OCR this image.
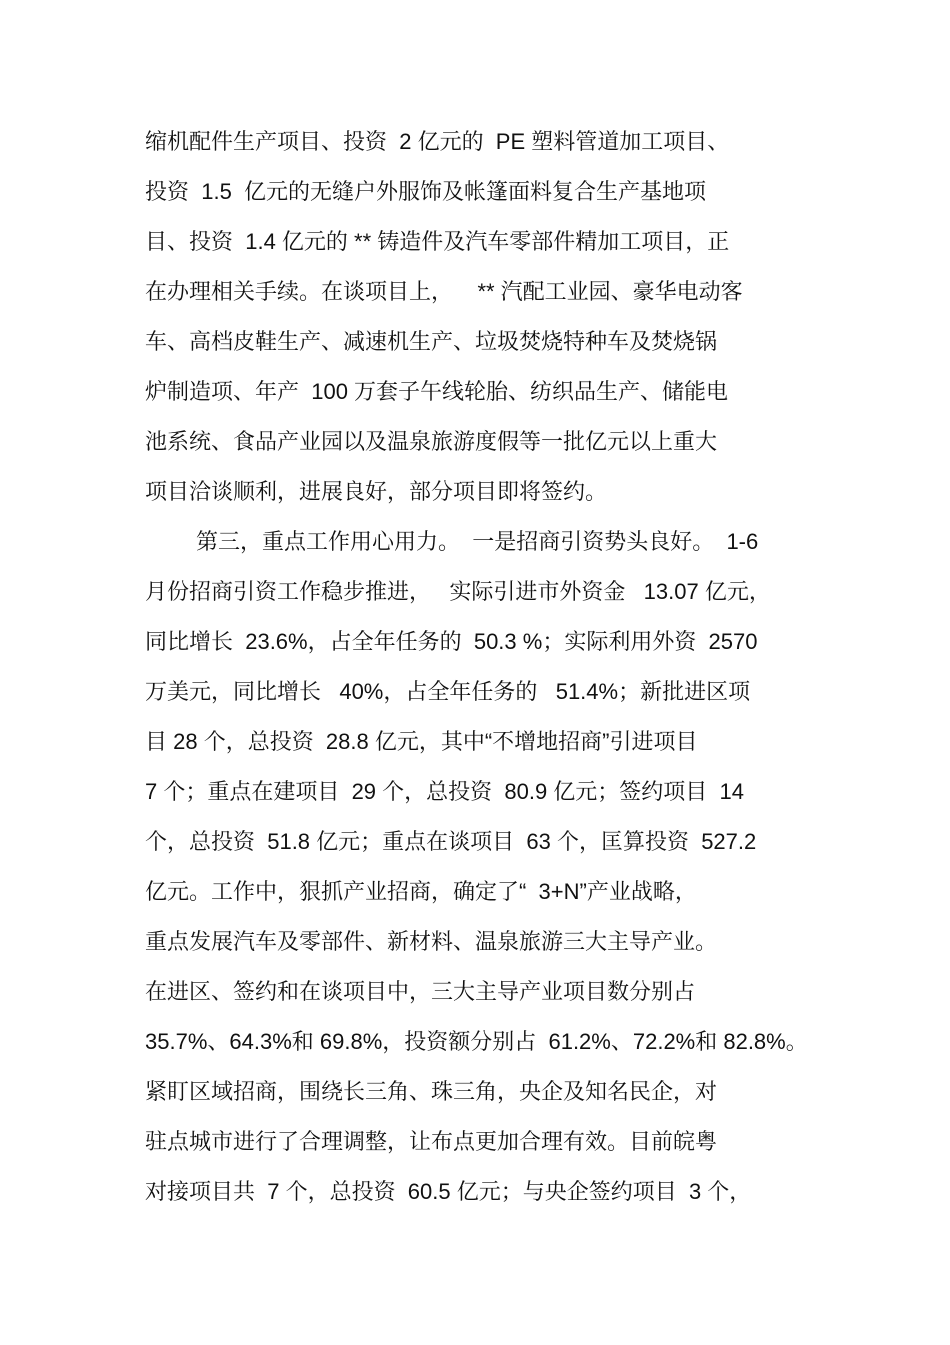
缩机配件生产项目、投资  2 亿元的  PE 塑料管道加工项目、
投资  1.5  亿元的无缝户外服饰及帐篷面料复合生产基地项
目、投资  1.4 亿元的 ** 铸造件及汽车零部件精加工项目，正
在办理相关手续。在谈项目上，    ** 汽配工业园、豪华电动客
车、高档皮鞋生产、减速机生产、垃圾焚烧特种车及焚烧锅
炉制造项、年产  100 万套子午线轮胎、纺织品生产、储能电
池系统、食品产业园以及温泉旅游度假等一批亿元以上重大
项目洽谈顺利，进展良好，部分项目即将签约。
第三，重点工作用心用力。  一是招商引资势头良好。  1-6
月份招商引资工作稳步推进，   实际引进市外资金   13.07 亿元，
同比增长  23.6%，占全年任务的  50.3 %；实际利用外资  2570
万美元，同比增长   40%，占全年任务的   51.4%；新批进区项
目 28 个，总投资  28.8 亿元，其中“不增地招商”引进项目
7 个；重点在建项目  29 个，总投资  80.9 亿元；签约项目  14
个，总投资  51.8 亿元；重点在谈项目  63 个，匡算投资  527.2
亿元。工作中，狠抓产业招商，确定了“  3+N”产业战略，
重点发展汽车及零部件、新材料、温泉旅游三大主导产业。
在进区、签约和在谈项目中，三大主导产业项目数分别占
35.7%、64.3%和 69.8%，投资额分别占  61.2%、72.2%和 82.8%。
紧盯区域招商，围绕长三角、珠三角，央企及知名民企，对
驻点城市进行了合理调整，让布点更加合理有效。目前皖粤
对接项目共  7 个，总投资  60.5 亿元；与央企签约项目  3 个，
